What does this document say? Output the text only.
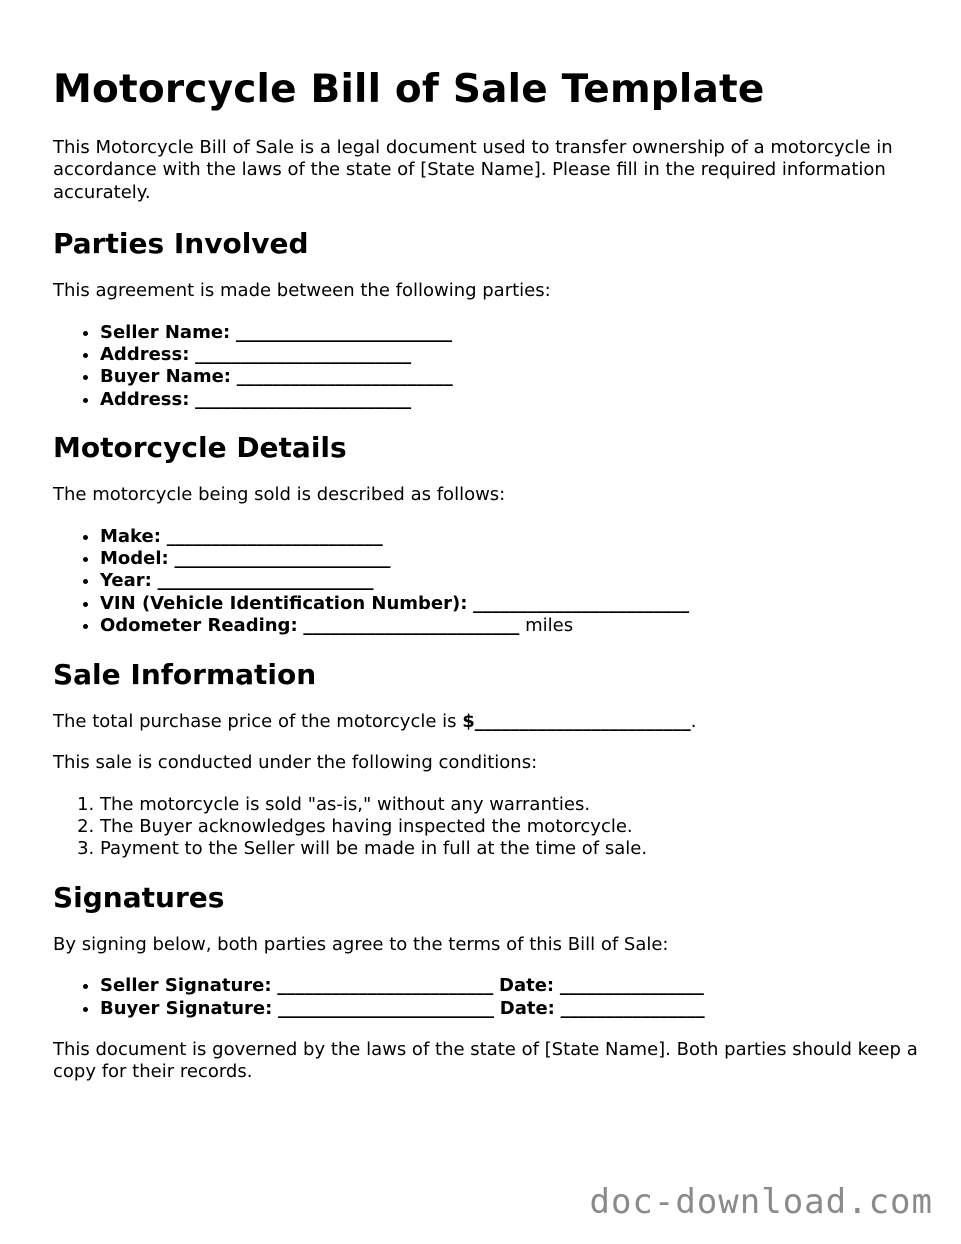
Motorcycle Bill of Sale Template

This Motorcycle Bill of Sale is a legal document used to transfer ownership of a motorcycle in accordance with the laws of the state of [State Name]. Please fill in the required information accurately.

Parties Involved

This agreement is made between the following parties:

• Seller Name: ________________________
• Address: ________________________
• Buyer Name: ________________________
• Address: ________________________
Motorcycle Details

The motorcycle being sold is described as follows:

• Make: ________________________
• Model: ________________________
• Year: ________________________
• VIN (Vehicle Identification Number): ________________________
• Odometer Reading: ________________________ miles
Sale Information

The total purchase price of the motorcycle is $________________________.

This sale is conducted under the following conditions:

1. The motorcycle is sold "as-is," without any warranties.
2. The Buyer acknowledges having inspected the motorcycle.
3. Payment to the Seller will be made in full at the time of sale.
Signatures

By signing below, both parties agree to the terms of this Bill of Sale:

• Seller Signature: ________________________ Date: ________________
• Buyer Signature: ________________________ Date: ________________

This document is governed by the laws of the state of [State Name]. Both parties should keep a copy for their records.

doc-download.com
